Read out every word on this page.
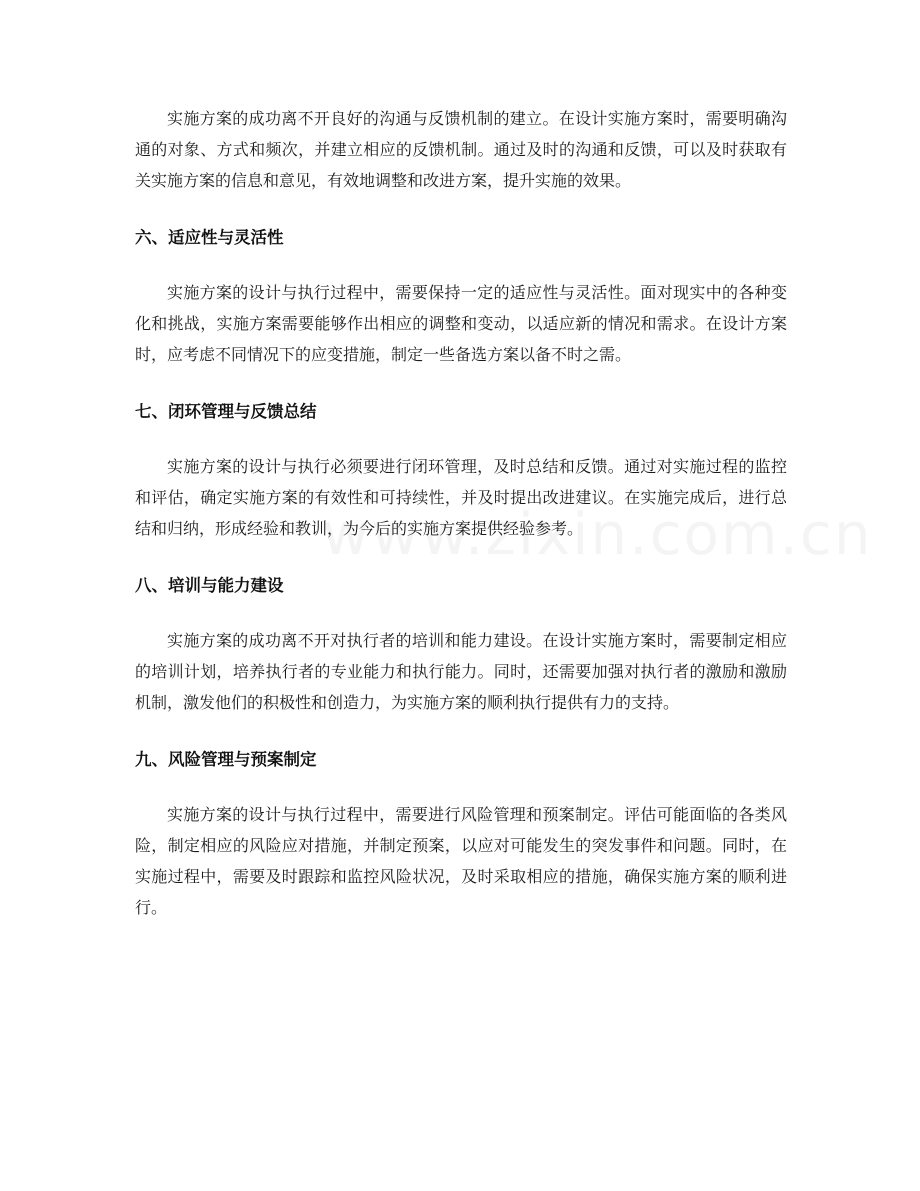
实施方案的成功离不开良好的沟通与反馈机制的建立。在设计实施方案时，需要明确沟通的对象、方式和频次，并建立相应的反馈机制。通过及时的沟通和反馈，可以及时获取有关实施方案的信息和意见，有效地调整和改进方案，提升实施的效果。

六、适应性与灵活性

实施方案的设计与执行过程中，需要保持一定的适应性与灵活性。面对现实中的各种变化和挑战，实施方案需要能够作出相应的调整和变动，以适应新的情况和需求。在设计方案时，应考虑不同情况下的应变措施，制定一些备选方案以备不时之需。

七、闭环管理与反馈总结

实施方案的设计与执行必须要进行闭环管理，及时总结和反馈。通过对实施过程的监控和评估，确定实施方案的有效性和可持续性，并及时提出改进建议。在实施完成后，进行总结和归纳，形成经验和教训，为今后的实施方案提供经验参考。

八、培训与能力建设

实施方案的成功离不开对执行者的培训和能力建设。在设计实施方案时，需要制定相应的培训计划，培养执行者的专业能力和执行能力。同时，还需要加强对执行者的激励和激励机制，激发他们的积极性和创造力，为实施方案的顺利执行提供有力的支持。

九、风险管理与预案制定

实施方案的设计与执行过程中，需要进行风险管理和预案制定。评估可能面临的各类风险，制定相应的风险应对措施，并制定预案，以应对可能发生的突发事件和问题。同时，在实施过程中，需要及时跟踪和监控风险状况，及时采取相应的措施，确保实施方案的顺利进行。
